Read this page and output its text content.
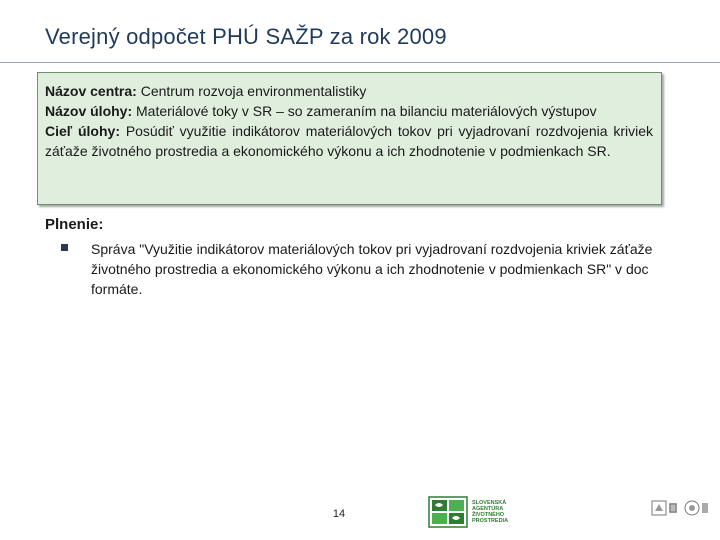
Verejný odpočet PHÚ SAŽP za rok 2009

Názov centra: Centrum rozvoja environmentalistiky

Názov úlohy: Materiálové toky v SR – so zameraním na bilanciu materiálových výstupov

Cieľ úlohy: Posúdiť využitie indikátorov materiálových tokov pri vyjadrovaní rozdvojenia kriviek záťaže životného prostredia a ekonomického výkonu a ich zhodnotenie v podmienkach SR.

Plnenie:
Správa "Využitie indikátorov materiálových tokov pri vyjadrovaní rozdvojenia kriviek záťaže životného prostredia a ekonomického výkonu a ich zhodnotenie v podmienkach SR" v doc formáte.
14
SLOVENSKÁ
AGENTÚRA
ŽIVOTNÉHO
PROSTREDIA
